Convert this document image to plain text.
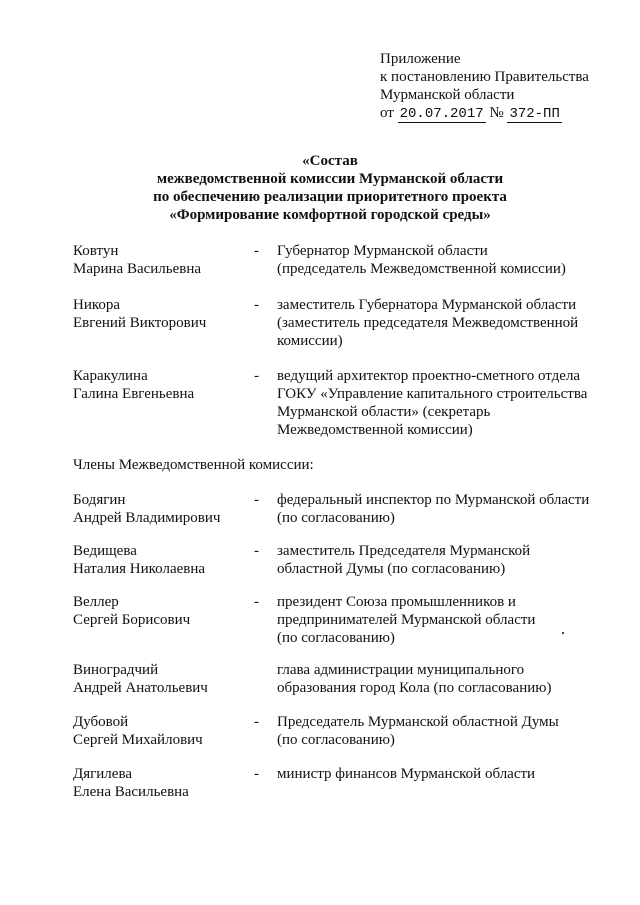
Приложение
к постановлению Правительства
Мурманской области
от 20.07.2017 № 372-ПП
«Состав
межведомственной комиссии Мурманской области
по обеспечению реализации приоритетного проекта
«Формирование комфортной городской среды»
Ковтун
Марина Васильевна
- Губернатор Мурманской области
(председатель Межведомственной комиссии)
Никора
Евгений Викторович
- заместитель Губернатора Мурманской области
(заместитель председателя Межведомственной
комиссии)
Каракулина
Галина Евгеньевна
- ведущий архитектор проектно-сметного отдела
ГОКУ «Управление капитального строительства
Мурманской области» (секретарь
Межведомственной комиссии)
Члены Межведомственной комиссии:
Бодягин
Андрей Владимирович
- федеральный инспектор по Мурманской области
(по согласованию)
Ведищева
Наталия Николаевна
- заместитель Председателя Мурманской
областной Думы (по согласованию)
Веллер
Сергей Борисович
- президент Союза промышленников и
предпринимателей Мурманской области
(по согласованию)
Виноградчий
Андрей Анатольевич
глава администрации муниципального
образования город Кола (по согласованию)
Дубовой
Сергей Михайлович
- Председатель Мурманской областной Думы
(по согласованию)
Дягилева
Елена Васильевна
- министр финансов Мурманской области
